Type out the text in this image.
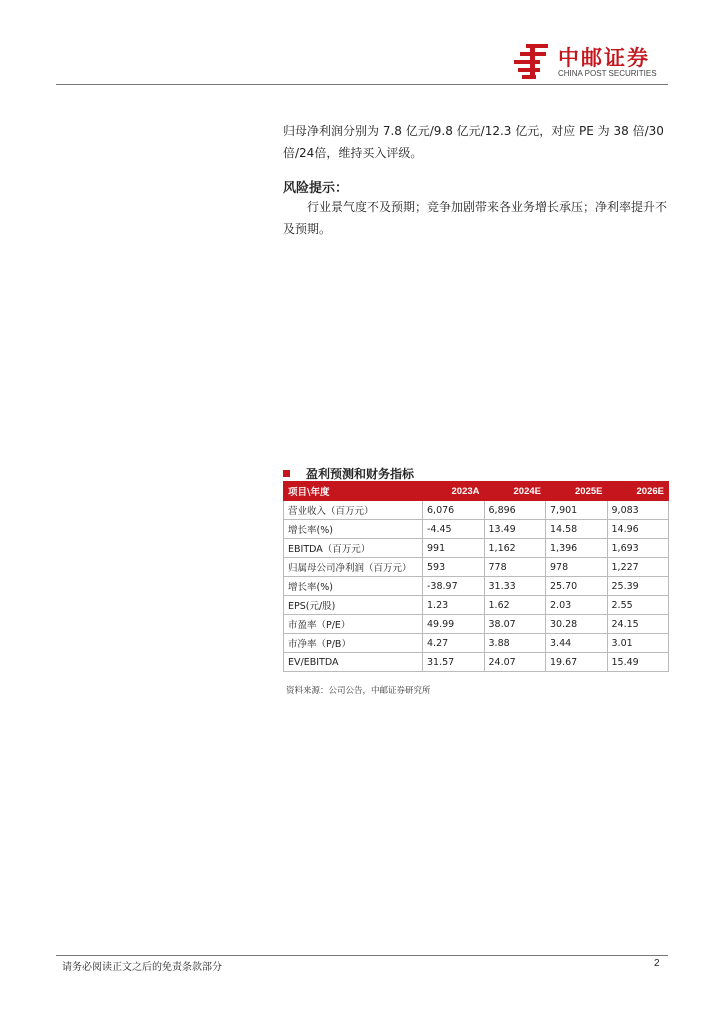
中邮证券
CHINA POST SECURITIES
归母净利润分别为 7.8 亿元/9.8 亿元/12.3 亿元，对应 PE 为 38 倍/30倍/24倍，维持买入评级。
风险提示：
行业景气度不及预期；竞争加剧带来各业务增长承压；净利率提升不及预期。
盈利预测和财务指标
项目\年度	2023A	2024E	2025E	2026E
营业收入（百万元）	6,076	6,896	7,901	9,083
增长率(%)	-4.45	13.49	14.58	14.96
EBITDA（百万元）	991	1,162	1,396	1,693
归属母公司净利润（百万元）	593	778	978	1,227
增长率(%)	-38.97	31.33	25.70	25.39
EPS(元/股)	1.23	1.62	2.03	2.55
市盈率（P/E）	49.99	38.07	30.28	24.15
市净率（P/B）	4.27	3.88	3.44	3.01
EV/EBITDA	31.57	24.07	19.67	15.49
资料来源：公司公告，中邮证券研究所
请务必阅读正文之后的免责条款部分	2
